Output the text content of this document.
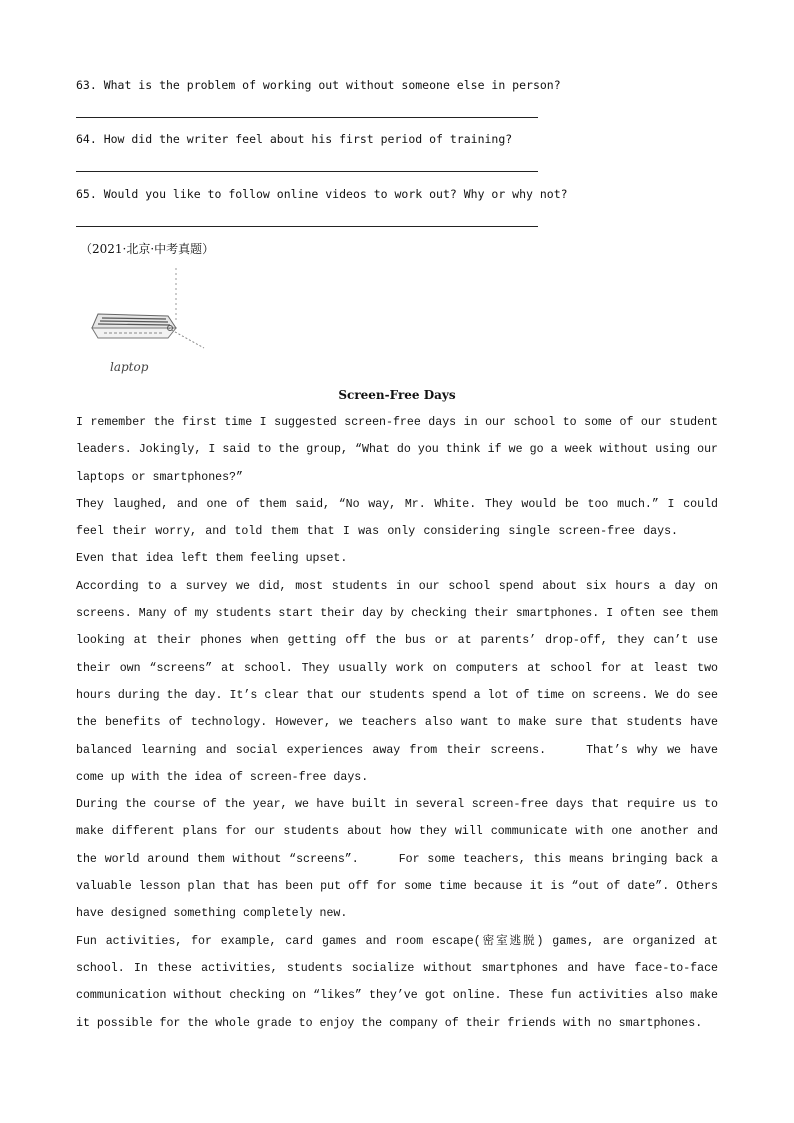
63. What is the problem of working out without someone else in person?
64. How did the writer feel about his first period of training?
65. Would you like to follow online videos to work out? Why or why not?
（2021·北京·中考真题）
laptop
Screen-Free Days

I remember the first time I suggested screen-free days in our school to some of our student leaders. Jokingly, I said to the group, “What do you think if we go a week without using our laptops or smartphones?”

They laughed, and one of them said, “No way, Mr. White. They would be too much.” I could feel their worry, and told them that I was only considering single screen-free days.Even that idea left them feeling upset.

According to a survey we did, most students in our school spend about six hours a day on screens. Many of my students start their day by checking their smartphones. I often see them looking at their phones when getting off the bus or at parents’ drop-off, they can’t use their own “screens” at school. They usually work on computers at school for at least two hours during the day. It’s clear that our students spend a lot of time on screens. We do see the benefits of technology. However, we teachers also want to make sure that students have balanced learning and social experiences away from their screens.	That’s why we have come up with the idea of screen-free days.

During the course of the year, we have built in several screen-free days that require us to make different plans for our students about how they will communicate with one another and the world around them without “screens”.	For some teachers, this means bringing back a valuable lesson plan that has been put off for some time because it is “out of date”. Others have designed something completely new.

Fun activities, for example, card games and room escape(密室逃脱) games, are organized at school. In these activities, students socialize without smartphones and have face-to-face communication without checking on “likes” they’ve got online. These fun activities also make it possible for the whole grade to enjoy the company of their friends with no smartphones.
